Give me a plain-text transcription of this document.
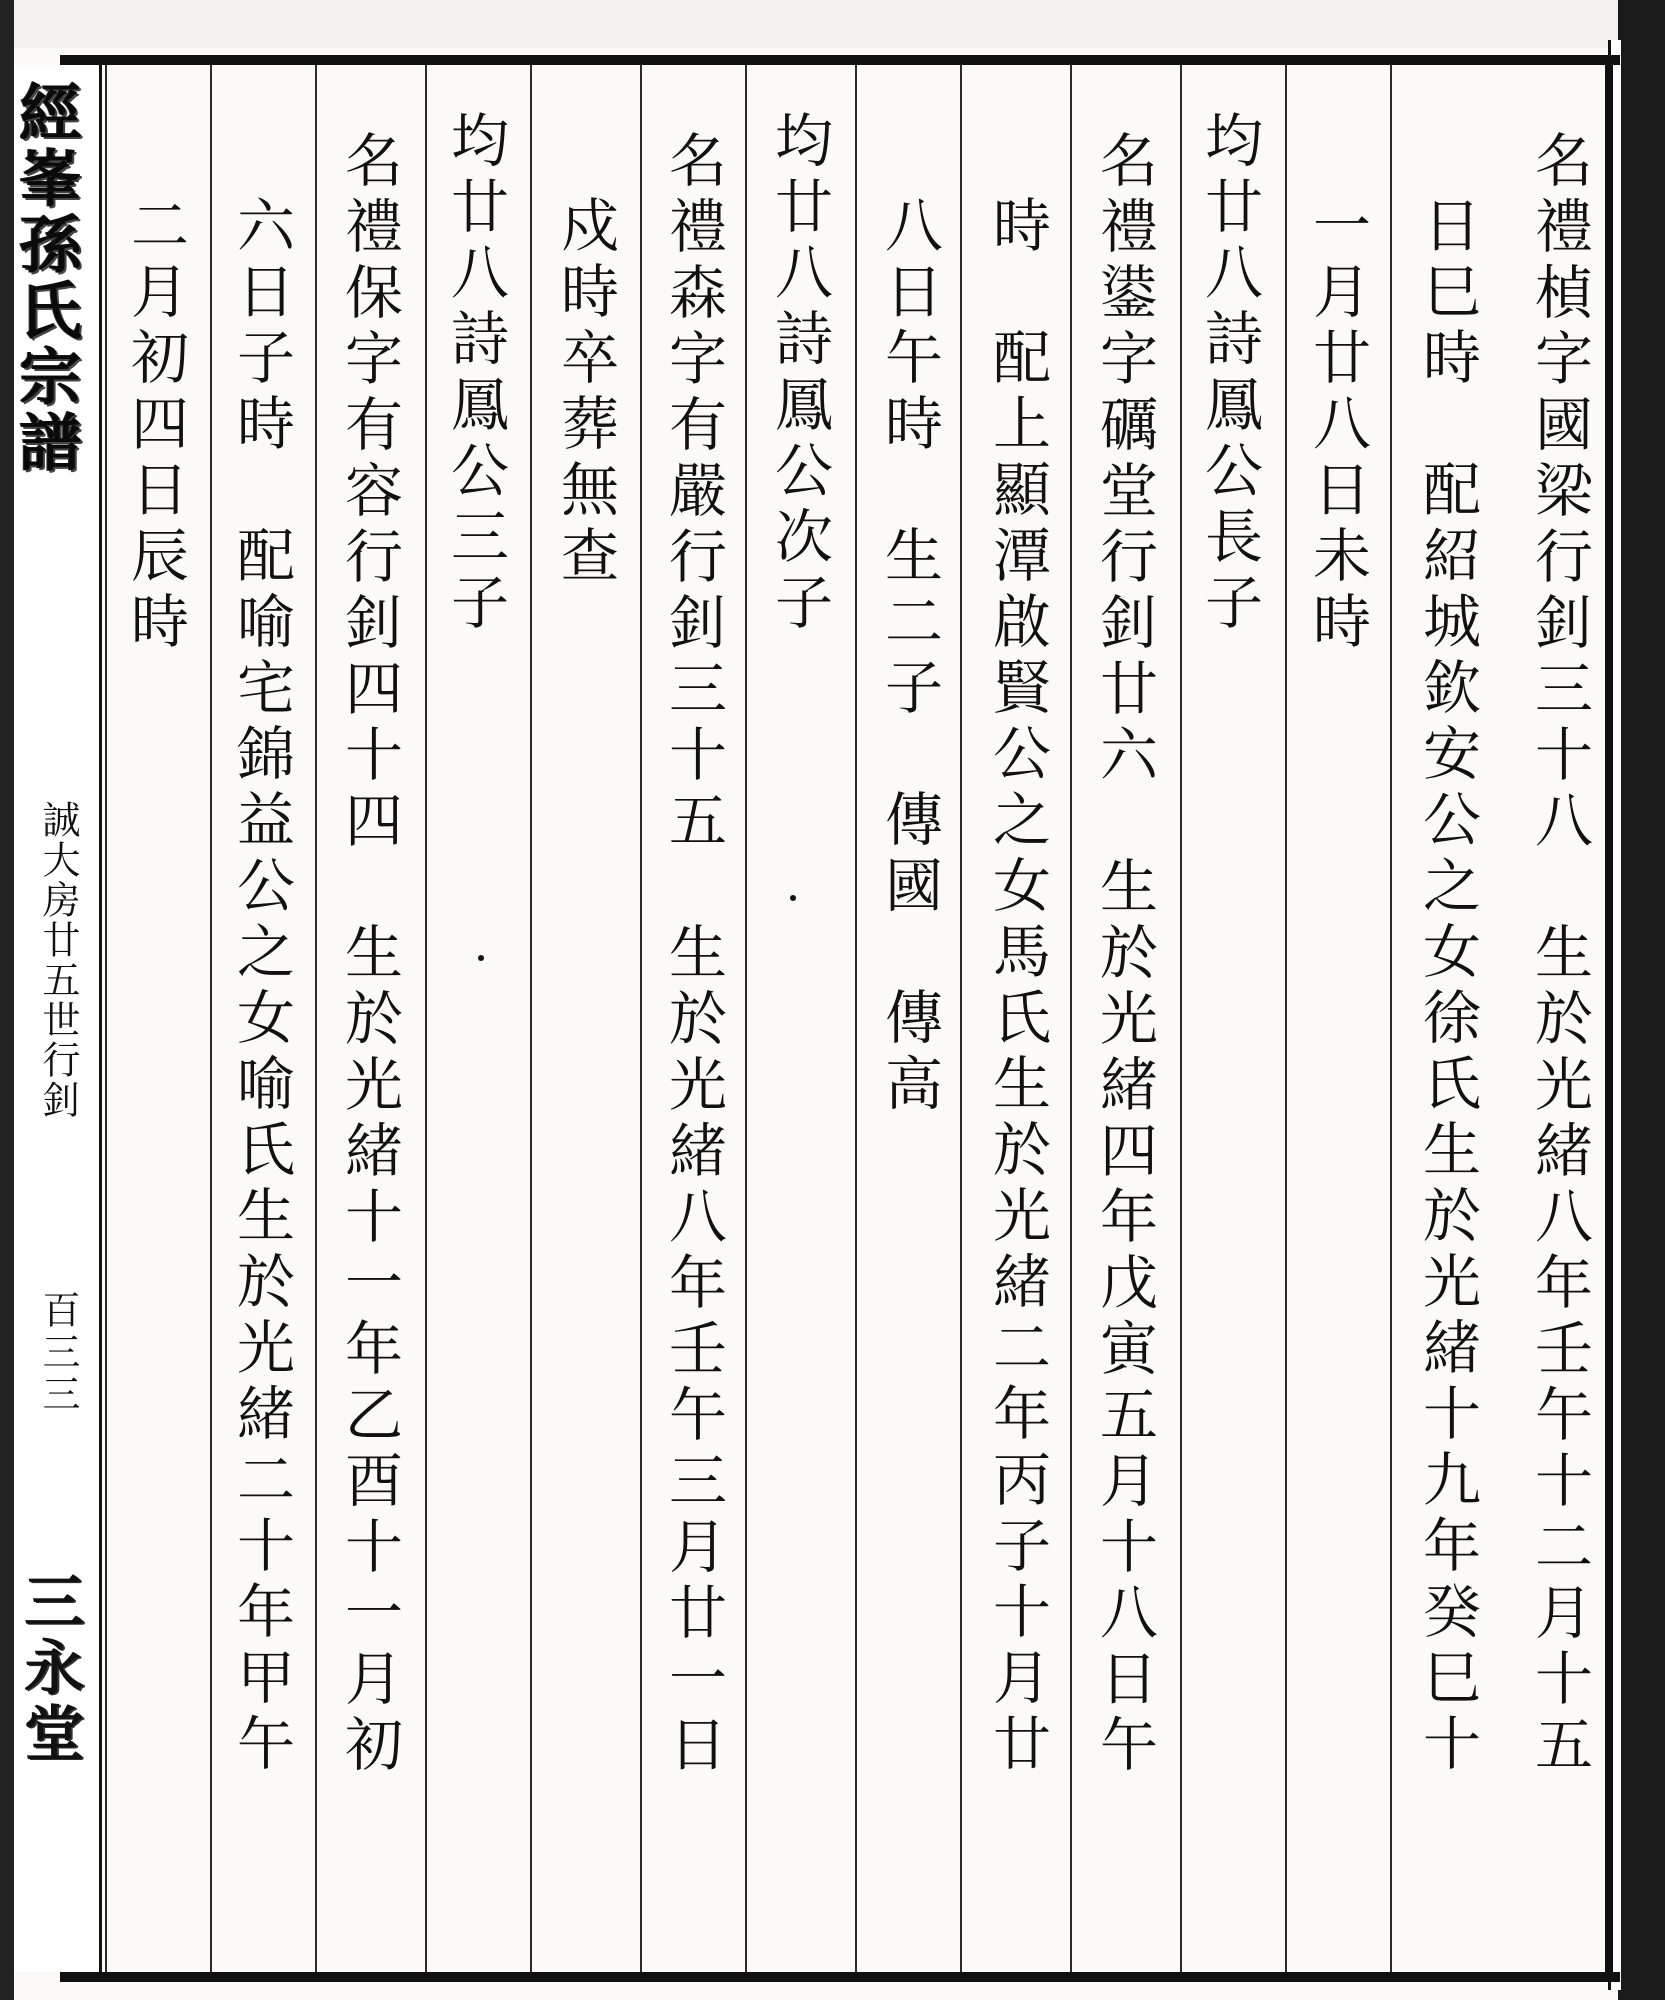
經峯孫氏宗譜
誠大房廿五世行釗
百三三
三永堂	名禮楨字國梁行釗三十八　生於光緒八年壬午十二月十五
日巳時　配紹城欽安公之女徐氏生於光緒十九年癸巳十
一月廿八日未時
均廿八詩鳳公長子
名禮鍙字礪堂行釗廿六　生於光緒四年戊寅五月十八日午
時　配上顯潭啟賢公之女馬氏生於光緒二年丙子十月廿
八日午時　生二子　傳國　傳高
均廿八詩鳳公次子
名禮森字有嚴行釗三十五　生於光緒八年壬午三月廿一日
戍時卒葬無查
均廿八詩鳳公三子
名禮保字有容行釗四十四　生於光緒十一年乙酉十一月初
六日子時　配喻宅錦益公之女喻氏生於光緒二十年甲午
二月初四日辰時
